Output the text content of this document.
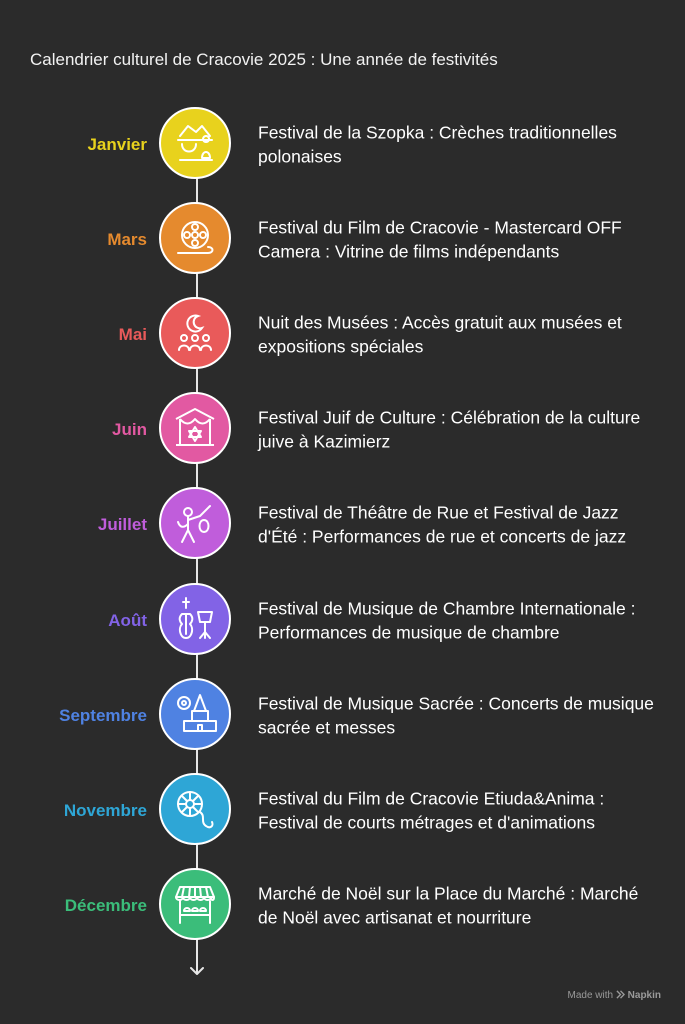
Calendrier culturel de Cracovie 2025 : Une année de festivités
Janvier
Festival de la Szopka : Crèches traditionnelles polonaises
Mars
Festival du Film de Cracovie - Mastercard OFF Camera : Vitrine de films indépendants
Mai
Nuit des Musées : Accès gratuit aux musées et expositions spéciales
Juin
Festival Juif de Culture : Célébration de la culture juive à Kazimierz
Juillet
Festival de Théâtre de Rue et Festival de Jazz d'Été : Performances de rue et concerts de jazz
Août
Festival de Musique de Chambre Internationale : Performances de musique de chambre
Septembre
Festival de Musique Sacrée : Concerts de musique sacrée et messes
Novembre
Festival du Film de Cracovie Etiuda&Anima : Festival de courts métrages et d'animations
Décembre
Marché de Noël sur la Place du Marché : Marché de Noël avec artisanat et nourriture
Made with Napkin
